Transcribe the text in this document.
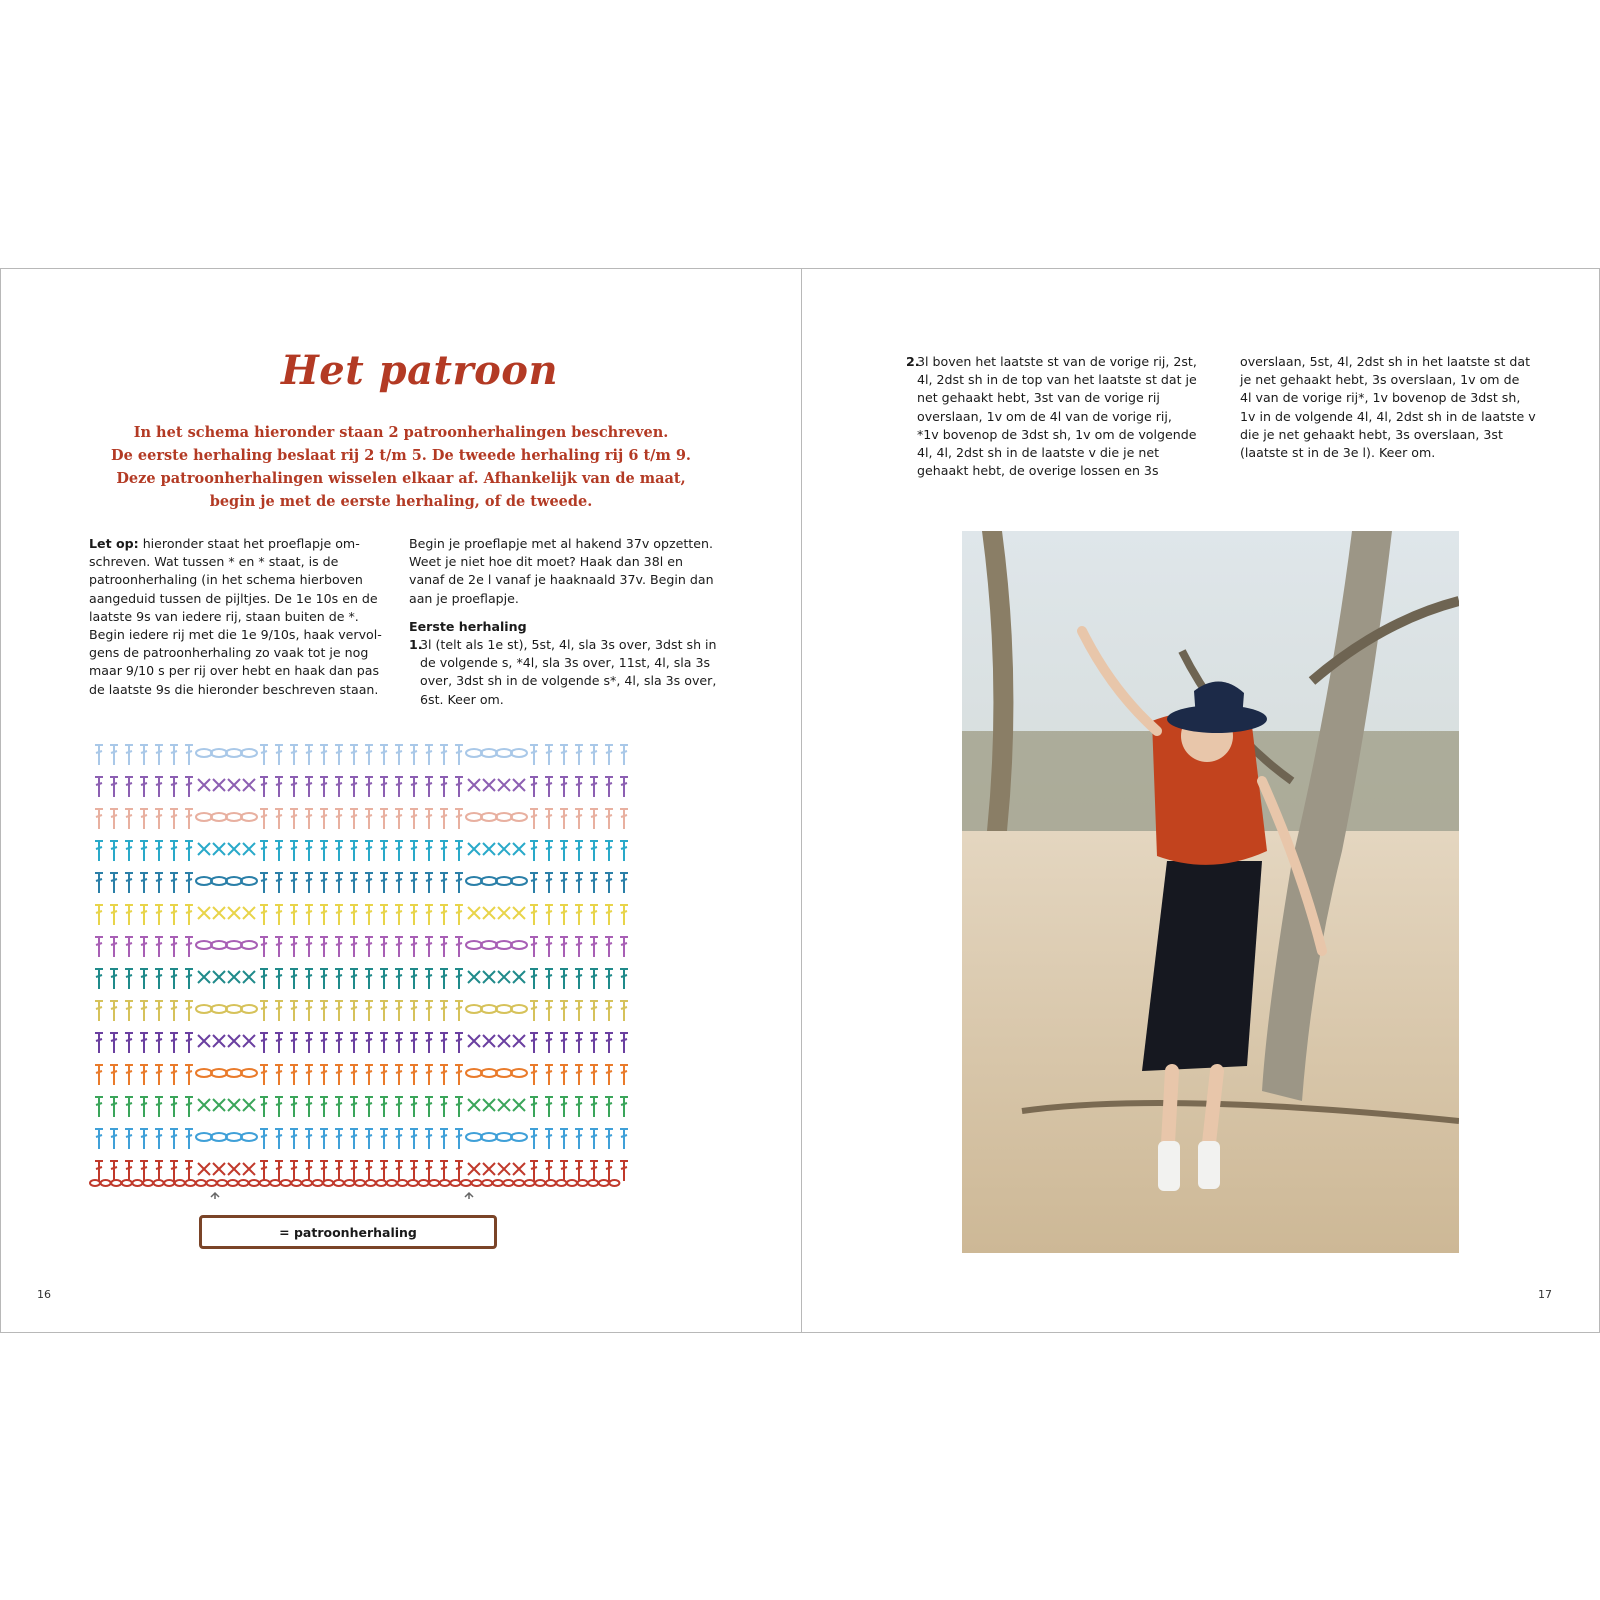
Het patroon

In het schema hieronder staan 2 patroonherhalingen beschreven.

De eerste herhaling beslaat rij 2 t/m 5. De tweede herhaling rij 6 t/m 9.

Deze patroonherhalingen wisselen elkaar af. Afhankelijk van de maat,

begin je met de eerste herhaling, of de tweede.

Let op: hieronder staat het proeflapje om-

schreven. Wat tussen * en * staat, is de

patroonherhaling (in het schema hierboven

aangeduid tussen de pijltjes. De 1e 10s en de

laatste 9s van iedere rij, staan buiten de *.

Begin iedere rij met die 1e 9/10s, haak vervol-

gens de patroonherhaling zo vaak tot je nog

maar 9/10 s per rij over hebt en haak dan pas

de laatste 9s die hieronder beschreven staan.

Begin je proeflapje met al hakend 37v opzetten.

Weet je niet hoe dit moet? Haak dan 38l en

vanaf de 2e l vanaf je haaknaald 37v. Begin dan

aan je proeflapje.

Eerste herhaling

1.3l (telt als 1e st), 5st, 4l, sla 3s over, 3dst sh in

de volgende s, *4l, sla 3s over, 11st, 4l, sla 3s

over, 3dst sh in de volgende s*, 4l, sla 3s over,

6st. Keer om.

= patroonherhaling
16

2.3l boven het laatste st van de vorige rij, 2st,

4l, 2dst sh in de top van het laatste st dat je

net gehaakt hebt, 3st van de vorige rij

overslaan, 1v om de 4l van de vorige rij,

*1v bovenop de 3dst sh, 1v om de volgende

4l, 4l, 2dst sh in de laatste v die je net

gehaakt hebt, de overige lossen en 3s

overslaan, 5st, 4l, 2dst sh in het laatste st dat

je net gehaakt hebt, 3s overslaan, 1v om de

4l van de vorige rij*, 1v bovenop de 3dst sh,

1v in de volgende 4l, 4l, 2dst sh in de laatste v

die je net gehaakt hebt, 3s overslaan, 3st

(laatste st in de 3e l). Keer om.

17
